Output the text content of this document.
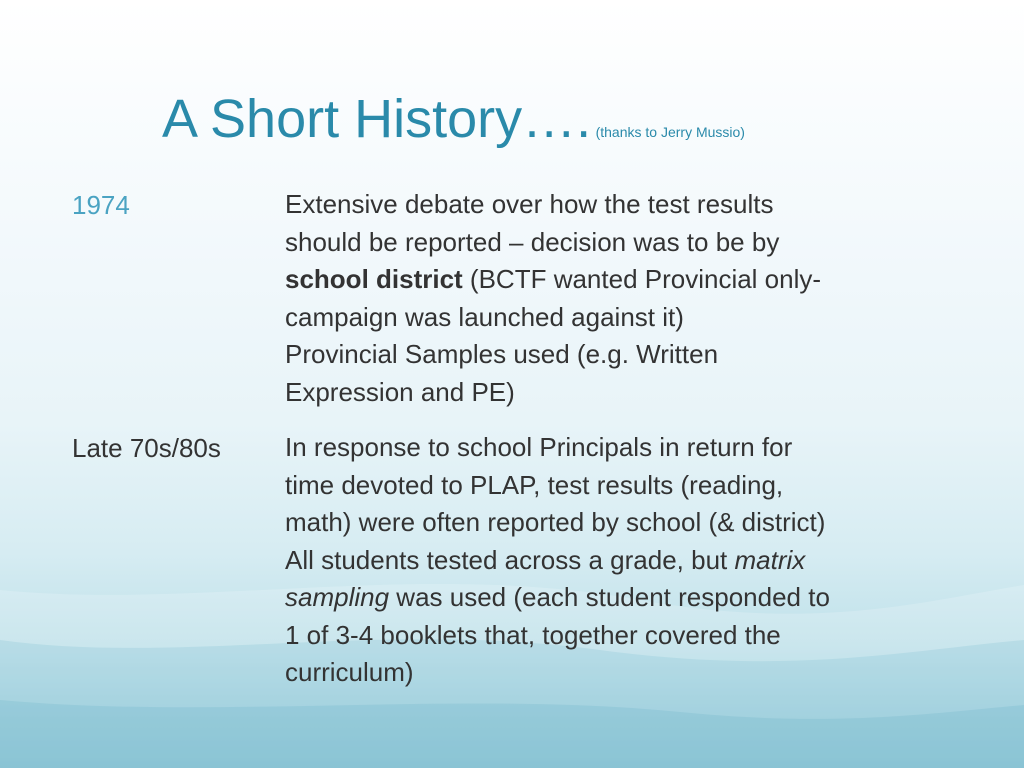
A Short History…. (thanks to Jerry Mussio)
1974	Extensive debate over how the test results
should be reported – decision was to be by
school district (BCTF wanted Provincial only-
campaign was launched against it)
Provincial Samples used (e.g. Written
Expression and PE)
Late 70s/80s In response to school Principals in return for
time devoted to PLAP, test results (reading,
math) were often reported by school (& district)
All students tested across a grade, but matrix
sampling was used (each student responded to
1 of 3-4 booklets that, together covered the
curriculum)
